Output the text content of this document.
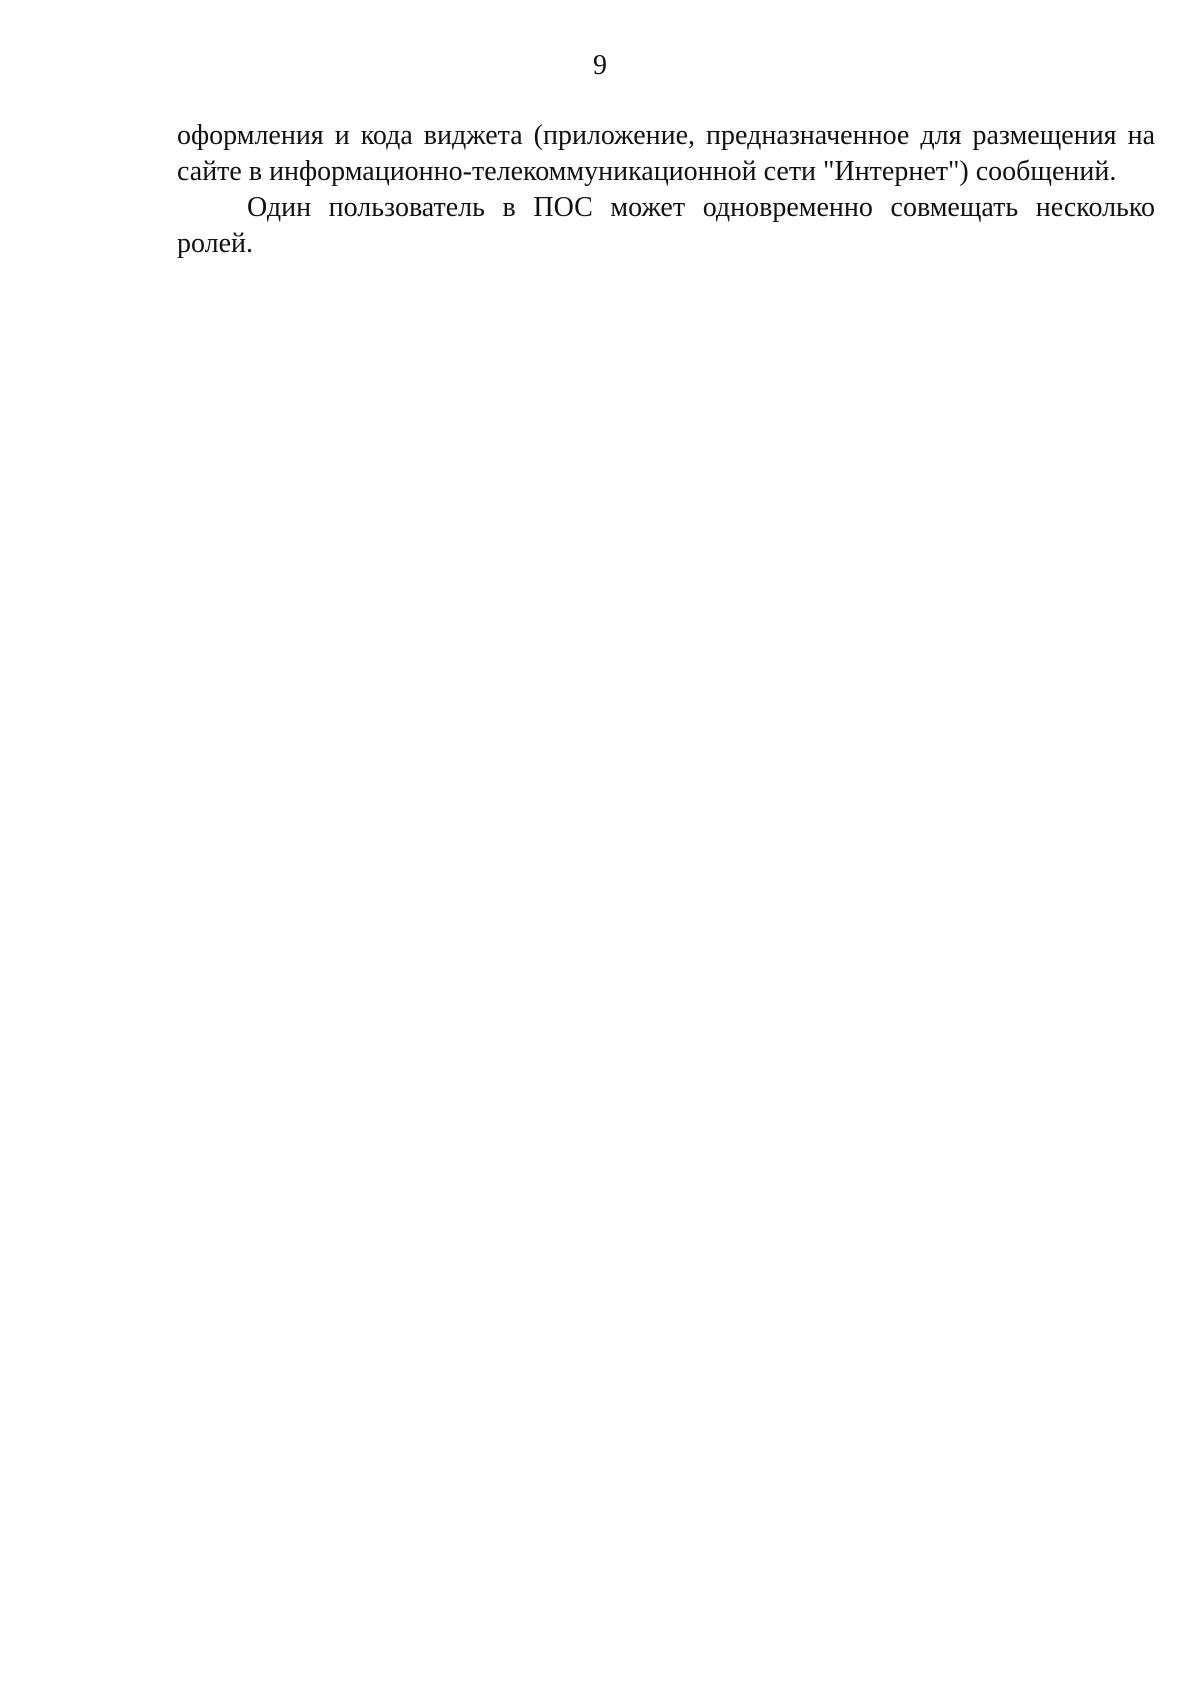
9

оформления и кода виджета (приложение, предназначенное для размещения на сайте в информационно-телекоммуникационной сети "Интернет") сообщений.

Один пользователь в ПОС может одновременно совмещать несколько ролей.
